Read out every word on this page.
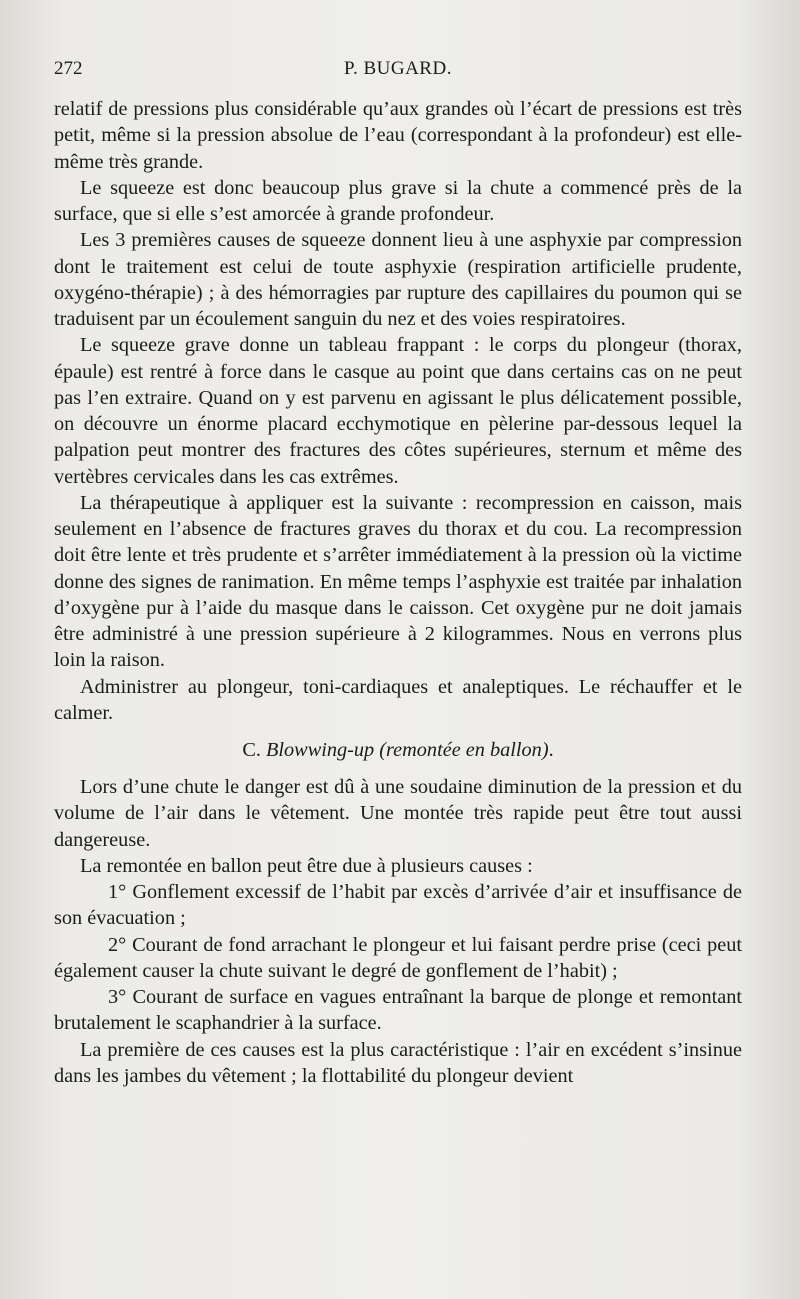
272	P. BUGARD.

relatif de pressions plus considérable qu’aux grandes où l’écart de pressions est très petit, même si la pression absolue de l’eau (correspondant à la profondeur) est elle-même très grande.

Le squeeze est donc beaucoup plus grave si la chute a commencé près de la surface, que si elle s’est amorcée à grande profondeur.

Les 3 premières causes de squeeze donnent lieu à une asphyxie par compression dont le traitement est celui de toute asphyxie (respiration artificielle prudente, oxygéno-thérapie) ; à des hémorragies par rupture des capillaires du poumon qui se traduisent par un écoulement sanguin du nez et des voies respiratoires.

Le squeeze grave donne un tableau frappant : le corps du plongeur (thorax, épaule) est rentré à force dans le casque au point que dans certains cas on ne peut pas l’en extraire. Quand on y est parvenu en agissant le plus délicatement possible, on découvre un énorme placard ecchymotique en pèlerine par-dessous lequel la palpation peut montrer des fractures des côtes supérieures, sternum et même des vertèbres cervicales dans les cas extrêmes.

La thérapeutique à appliquer est la suivante : recompression en caisson, mais seulement en l’absence de fractures graves du thorax et du cou. La recompression doit être lente et très prudente et s’arrêter immédiatement à la pression où la victime donne des signes de ranimation. En même temps l’asphyxie est traitée par inhalation d’oxygène pur à l’aide du masque dans le caisson. Cet oxygène pur ne doit jamais être administré à une pression supérieure à 2 kilogrammes. Nous en verrons plus loin la raison.

Administrer au plongeur, toni-cardiaques et analeptiques. Le réchauffer et le calmer.

C. Blowwing-up (remontée en ballon).

Lors d’une chute le danger est dû à une soudaine diminution de la pression et du volume de l’air dans le vêtement. Une montée très rapide peut être tout aussi dangereuse.

La remontée en ballon peut être due à plusieurs causes :

1° Gonflement excessif de l’habit par excès d’arrivée d’air et insuffisance de son évacuation ;

2° Courant de fond arrachant le plongeur et lui faisant perdre prise (ceci peut également causer la chute suivant le degré de gonflement de l’habit) ;

3° Courant de surface en vagues entraînant la barque de plonge et remontant brutalement le scaphandrier à la surface.

La première de ces causes est la plus caractéristique : l’air en excédent s’insinue dans les jambes du vêtement ; la flottabilité du plongeur devient
